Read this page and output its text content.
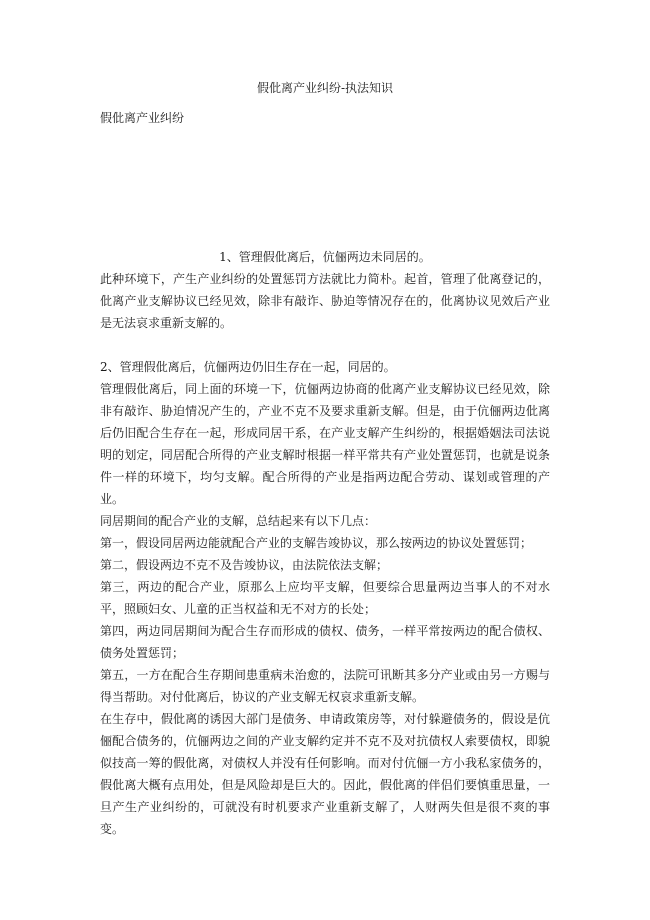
假仳离产业纠纷-执法知识
假仳离产业纠纷

1、管理假仳离后，伉俪两边未同居的。

此种环境下，产生产业纠纷的处置惩罚方法就比力简朴。起首，管理了仳离登记的，仳离产业支解协议已经见效，除非有敲诈、胁迫等情况存在的，仳离协议见效后产业是无法哀求重新支解的。

2、管理假仳离后，伉俪两边仍旧生存在一起，同居的。

管理假仳离后，同上面的环境一下，伉俪两边协商的仳离产业支解协议已经见效，除非有敲诈、胁迫情况产生的，产业不克不及要求重新支解。但是，由于伉俪两边仳离后仍旧配合生存在一起，形成同居干系，在产业支解产生纠纷的，根据婚姻法司法说明的划定，同居配合所得的产业支解时根据一样平常共有产业处置惩罚，也就是说条件一样的环境下，均匀支解。配合所得的产业是指两边配合劳动、谋划或管理的产业。

同居期间的配合产业的支解，总结起来有以下几点：

第一，假设同居两边能就配合产业的支解告竣协议，那么按两边的协议处置惩罚；

第二，假设两边不克不及告竣协议，由法院依法支解；

第三，两边的配合产业，原那么上应均平支解，但要综合思量两边当事人的不对水平，照顾妇女、儿童的正当权益和无不对方的长处；

第四，两边同居期间为配合生存而形成的债权、债务，一样平常按两边的配合债权、债务处置惩罚；

第五，一方在配合生存期间患重病未治愈的，法院可讯断其多分产业或由另一方赐与得当帮助。对付仳离后，协议的产业支解无权哀求重新支解。

在生存中，假仳离的诱因大部门是债务、申请政策房等，对付躲避债务的，假设是伉俪配合债务的，伉俪两边之间的产业支解约定并不克不及对抗债权人索要债权，即貌似技高一筹的假仳离，对债权人并没有任何影响。而对付伉俪一方小我私家债务的，假仳离大概有点用处，但是风险却是巨大的。因此，假仳离的伴侣们要慎重思量，一旦产生产业纠纷的，可就没有时机要求产业重新支解了，人财两失但是很不爽的事变。
